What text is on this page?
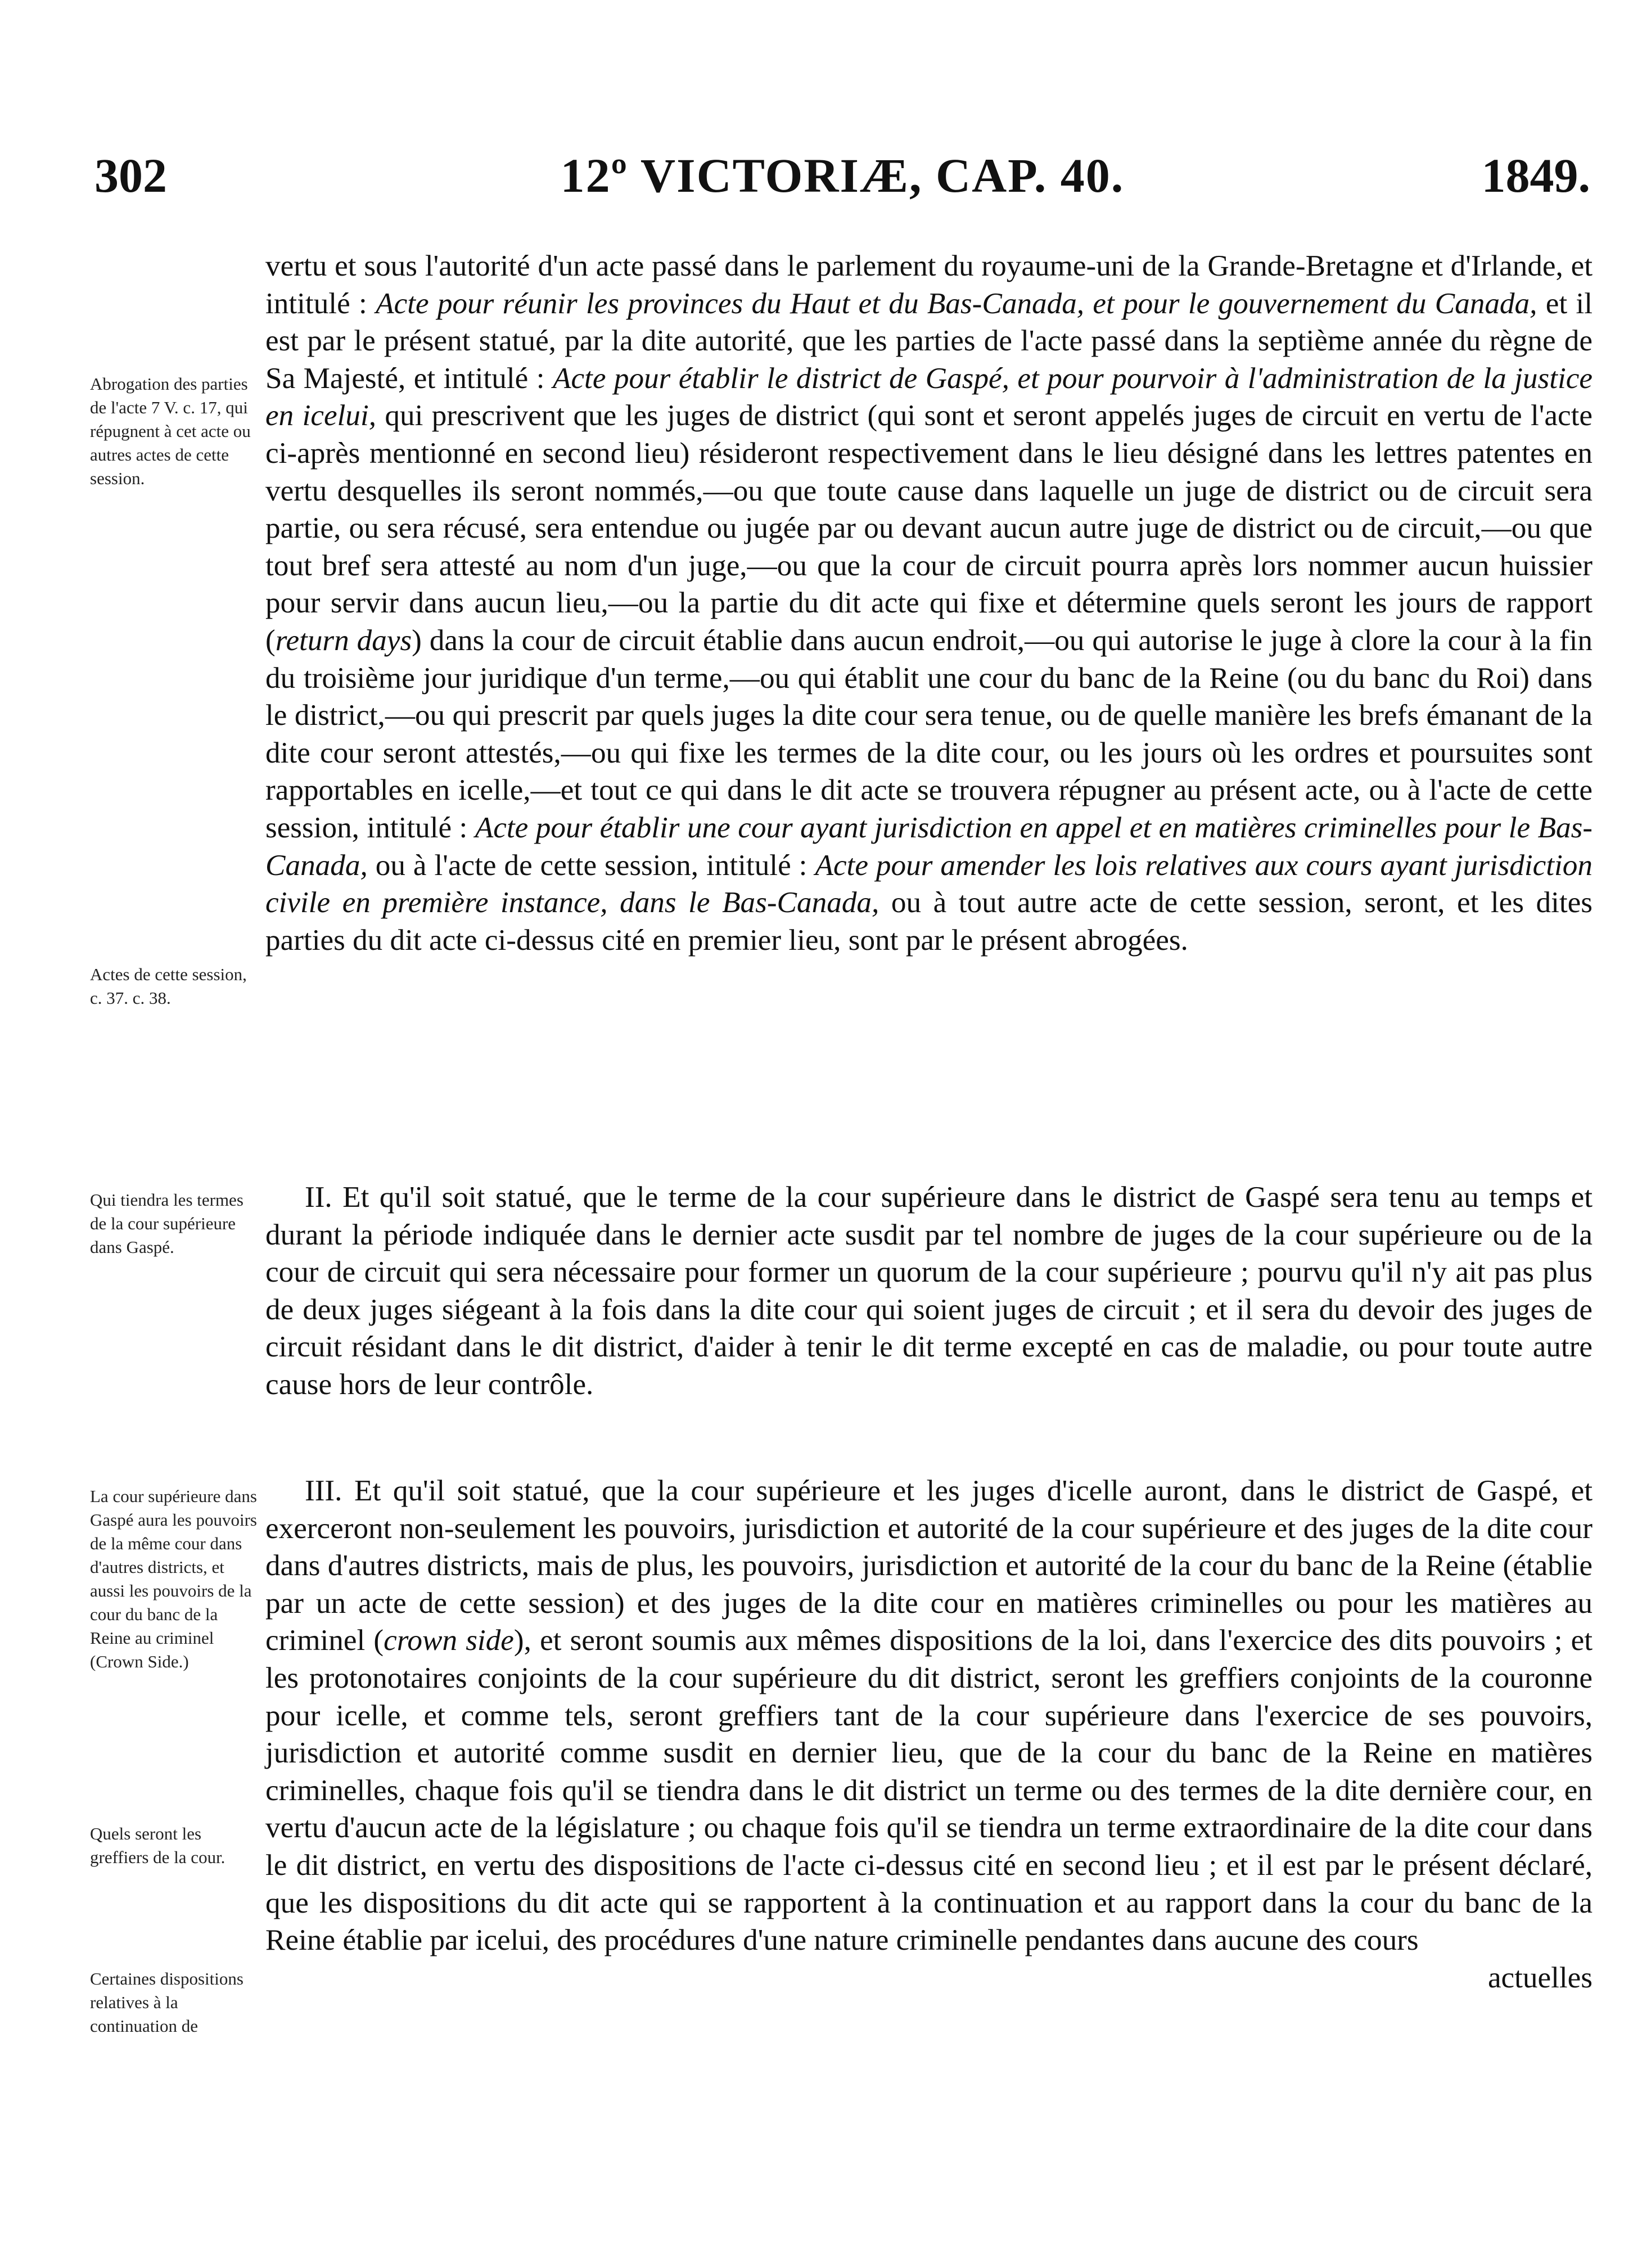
302	12º VICTORIÆ, CAP. 40.	1849.
Abrogation des parties de l'acte 7 V. c. 17, qui répugnent à cet acte ou autres actes de cette session.
Actes de cette session, c. 37. c. 38.
Qui tiendra les termes de la cour supérieure dans Gaspé.
La cour supérieure dans Gaspé aura les pouvoirs de la même cour dans d'autres districts, et aussi les pouvoirs de la cour du banc de la Reine au criminel (Crown Side.)
Quels seront les greffiers de la cour.
Certaines dispositions relatives à la continuation de

vertu et sous l'autorité d'un acte passé dans le parlement du royaume-uni de la Grande-Bretagne et d'Irlande, et intitulé : Acte pour réunir les provinces du Haut et du Bas-Canada, et pour le gouvernement du Canada, et il est par le présent statué, par la dite autorité, que les parties de l'acte passé dans la septième année du règne de Sa Majesté, et intitulé : Acte pour établir le district de Gaspé, et pour pourvoir à l'administration de la justice en icelui, qui prescrivent que les juges de district (qui sont et seront appelés juges de circuit en vertu de l'acte ci-après mentionné en second lieu) résideront respectivement dans le lieu désigné dans les lettres patentes en vertu desquelles ils seront nommés,—ou que toute cause dans laquelle un juge de district ou de circuit sera partie, ou sera récusé, sera entendue ou jugée par ou devant aucun autre juge de district ou de circuit,—ou que tout bref sera attesté au nom d'un juge,—ou que la cour de circuit pourra après lors nommer aucun huissier pour servir dans aucun lieu,—ou la partie du dit acte qui fixe et détermine quels seront les jours de rapport (return days) dans la cour de circuit établie dans aucun endroit,—ou qui autorise le juge à clore la cour à la fin du troisième jour juridique d'un terme,—ou qui établit une cour du banc de la Reine (ou du banc du Roi) dans le district,—ou qui prescrit par quels juges la dite cour sera tenue, ou de quelle manière les brefs émanant de la dite cour seront attestés,—ou qui fixe les termes de la dite cour, ou les jours où les ordres et poursuites sont rapportables en icelle,—et tout ce qui dans le dit acte se trouvera répugner au présent acte, ou à l'acte de cette session, intitulé : Acte pour établir une cour ayant jurisdiction en appel et en matières criminelles pour le Bas-Canada, ou à l'acte de cette session, intitulé : Acte pour amender les lois relatives aux cours ayant jurisdiction civile en première instance, dans le Bas-Canada, ou à tout autre acte de cette session, seront, et les dites parties du dit acte ci-dessus cité en premier lieu, sont par le présent abrogées.

II. Et qu'il soit statué, que le terme de la cour supérieure dans le district de Gaspé sera tenu au temps et durant la période indiquée dans le dernier acte susdit par tel nombre de juges de la cour supérieure ou de la cour de circuit qui sera nécessaire pour former un quorum de la cour supérieure ; pourvu qu'il n'y ait pas plus de deux juges siégeant à la fois dans la dite cour qui soient juges de circuit ; et il sera du devoir des juges de circuit résidant dans le dit district, d'aider à tenir le dit terme excepté en cas de maladie, ou pour toute autre cause hors de leur contrôle.

III. Et qu'il soit statué, que la cour supérieure et les juges d'icelle auront, dans le district de Gaspé, et exerceront non-seulement les pouvoirs, jurisdiction et autorité de la cour supérieure et des juges de la dite cour dans d'autres districts, mais de plus, les pouvoirs, jurisdiction et autorité de la cour du banc de la Reine (établie par un acte de cette session) et des juges de la dite cour en matières criminelles ou pour les matières au criminel (crown side), et seront soumis aux mêmes dispositions de la loi, dans l'exercice des dits pouvoirs ; et les protonotaires conjoints de la cour supérieure du dit district, seront les greffiers conjoints de la couronne pour icelle, et comme tels, seront greffiers tant de la cour supérieure dans l'exercice de ses pouvoirs, jurisdiction et autorité comme susdit en dernier lieu, que de la cour du banc de la Reine en matières criminelles, chaque fois qu'il se tiendra dans le dit district un terme ou des termes de la dite dernière cour, en vertu d'aucun acte de la législature ; ou chaque fois qu'il se tiendra un terme extraordinaire de la dite cour dans le dit district, en vertu des dispositions de l'acte ci-dessus cité en second lieu ; et il est par le présent déclaré, que les dispositions du dit acte qui se rapportent à la continuation et au rapport dans la cour du banc de la Reine établie par icelui, des procédures d'une nature criminelle pendantes dans aucune des cours

actuelles
